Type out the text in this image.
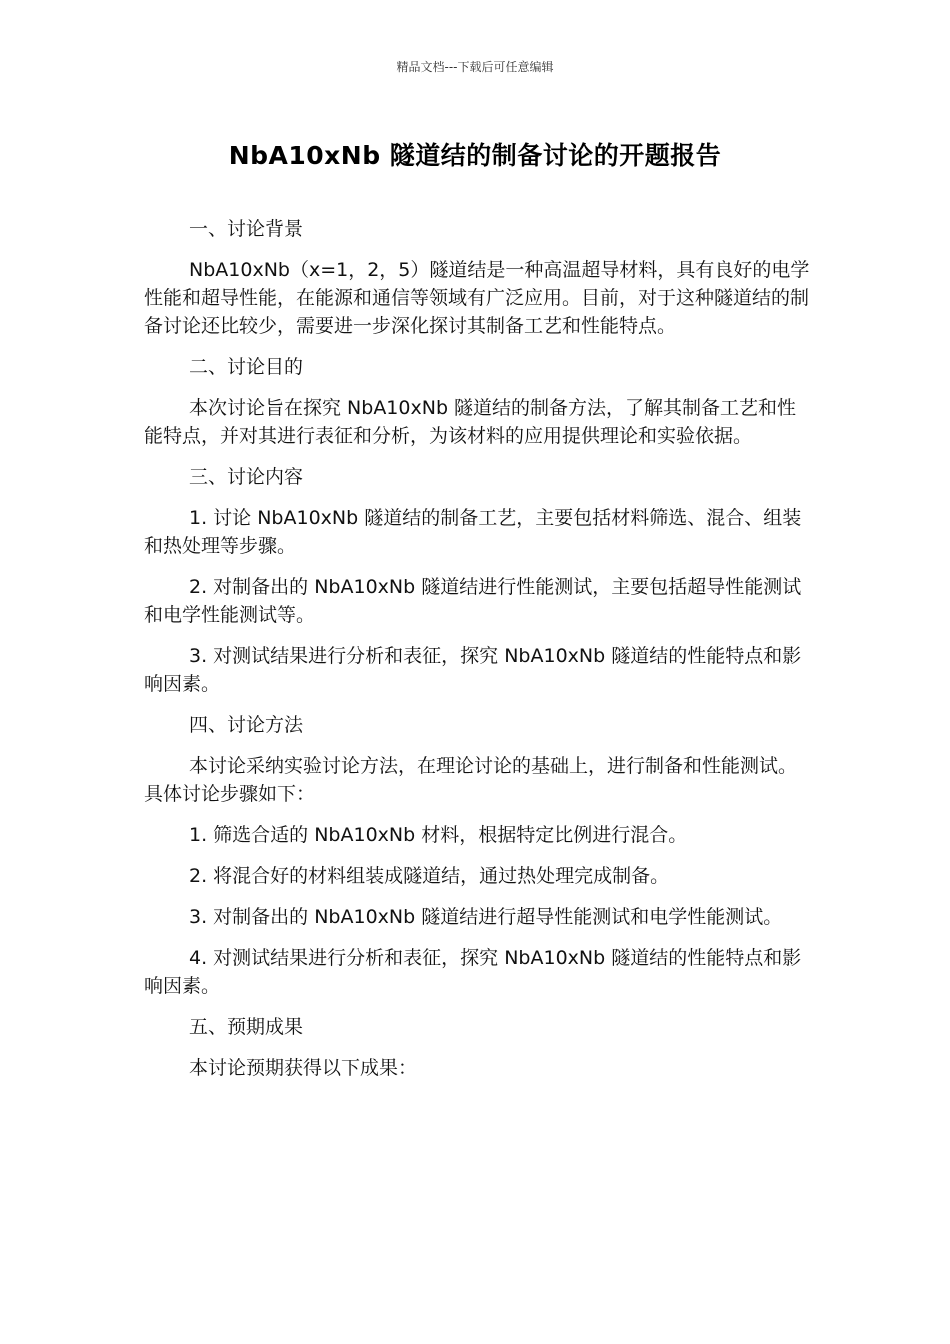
精品文档---下载后可任意编辑
NbA10xNb 隧道结的制备讨论的开题报告

一、讨论背景

NbA10xNb（x=1，2，5）隧道结是一种高温超导材料，具有良好的电学性能和超导性能，在能源和通信等领域有广泛应用。目前，对于这种隧道结的制备讨论还比较少，需要进一步深化探讨其制备工艺和性能特点。

二、讨论目的

本次讨论旨在探究 NbA10xNb 隧道结的制备方法，了解其制备工艺和性能特点，并对其进行表征和分析，为该材料的应用提供理论和实验依据。

三、讨论内容

1. 讨论 NbA10xNb 隧道结的制备工艺，主要包括材料筛选、混合、组装和热处理等步骤。

2. 对制备出的 NbA10xNb 隧道结进行性能测试，主要包括超导性能测试和电学性能测试等。

3. 对测试结果进行分析和表征，探究 NbA10xNb 隧道结的性能特点和影响因素。

四、讨论方法

本讨论采纳实验讨论方法，在理论讨论的基础上，进行制备和性能测试。具体讨论步骤如下：

1. 筛选合适的 NbA10xNb 材料，根据特定比例进行混合。

2. 将混合好的材料组装成隧道结，通过热处理完成制备。

3. 对制备出的 NbA10xNb 隧道结进行超导性能测试和电学性能测试。

4. 对测试结果进行分析和表征，探究 NbA10xNb 隧道结的性能特点和影响因素。

五、预期成果

本讨论预期获得以下成果：
